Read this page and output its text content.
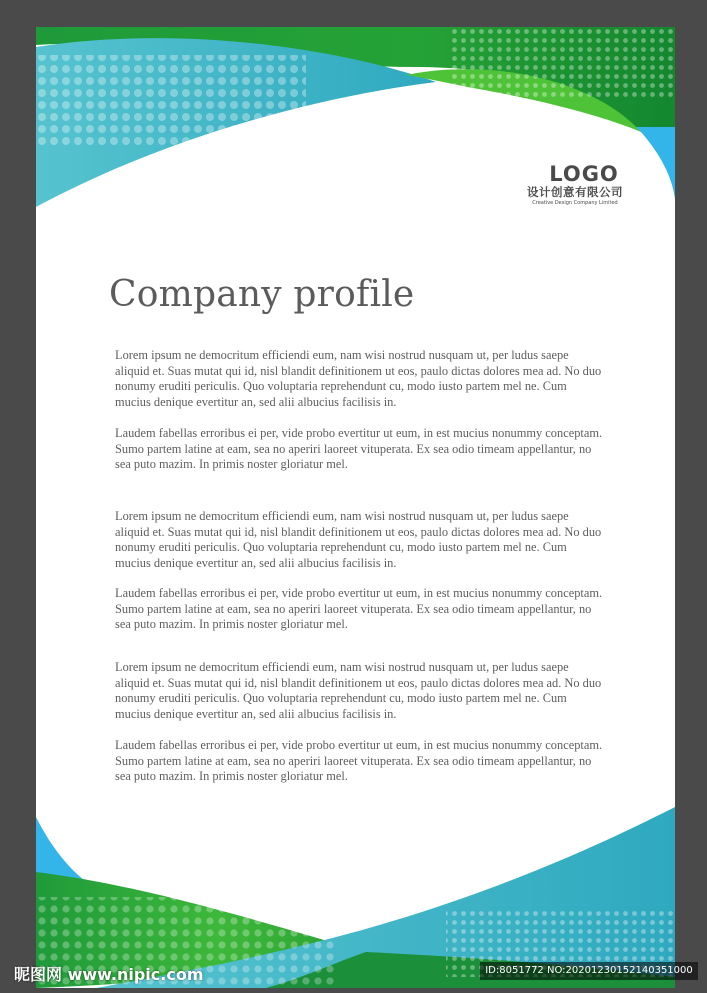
LOGO
设计创意有限公司
Creative Design Company Limited
Company profile

Lorem ipsum ne democritum efficiendi eum, nam wisi nostrud nusquam ut, per ludus saepe aliquid et. Suas mutat qui id, nisl blandit definitionem ut eos, paulo dictas dolores mea ad. No duo nonumy eruditi periculis. Quo voluptaria reprehendunt cu, modo iusto partem mel ne. Cum mucius denique evertitur an, sed alii albucius facilisis in.

Laudem fabellas erroribus ei per, vide probo evertitur ut eum, in est mucius nonummy conceptam. Sumo partem latine at eam, sea no aperiri laoreet vituperata. Ex sea odio timeam appellantur, no sea puto mazim. In primis noster gloriatur mel.

Lorem ipsum ne democritum efficiendi eum, nam wisi nostrud nusquam ut, per ludus saepe aliquid et. Suas mutat qui id, nisl blandit definitionem ut eos, paulo dictas dolores mea ad. No duo nonumy eruditi periculis. Quo voluptaria reprehendunt cu, modo iusto partem mel ne. Cum mucius denique evertitur an, sed alii albucius facilisis in.

Laudem fabellas erroribus ei per, vide probo evertitur ut eum, in est mucius nonummy conceptam. Sumo partem latine at eam, sea no aperiri laoreet vituperata. Ex sea odio timeam appellantur, no sea puto mazim. In primis noster gloriatur mel.

Lorem ipsum ne democritum efficiendi eum, nam wisi nostrud nusquam ut, per ludus saepe aliquid et. Suas mutat qui id, nisl blandit definitionem ut eos, paulo dictas dolores mea ad. No duo nonumy eruditi periculis. Quo voluptaria reprehendunt cu, modo iusto partem mel ne. Cum mucius denique evertitur an, sed alii albucius facilisis in.

Laudem fabellas erroribus ei per, vide probo evertitur ut eum, in est mucius nonummy conceptam. Sumo partem latine at eam, sea no aperiri laoreet vituperata. Ex sea odio timeam appellantur, no sea puto mazim. In primis noster gloriatur mel.

昵图网 www.nipic.com	ID:8051772 NO:20201230152140351000
